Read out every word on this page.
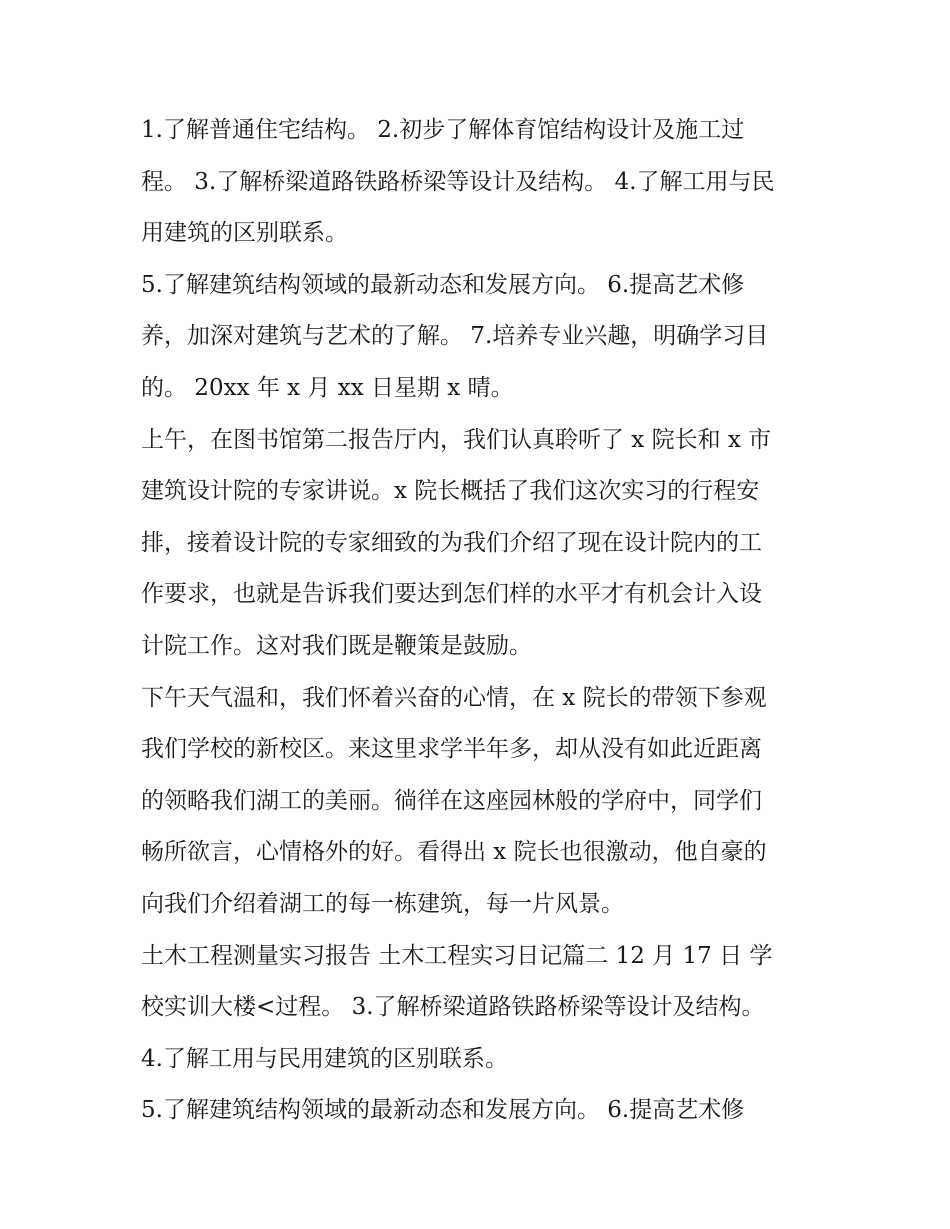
1.了解普通住宅结构。 2.初步了解体育馆结构设计及施工过
程。 3.了解桥梁道路铁路桥梁等设计及结构。 4.了解工用与民
用建筑的区别联系。
5.了解建筑结构领域的最新动态和发展方向。 6.提高艺术修
养，加深对建筑与艺术的了解。 7.培养专业兴趣，明确学习目
的。 20xx 年 x 月 xx 日星期 x 晴。
上午，在图书馆第二报告厅内，我们认真聆听了 x 院长和 x 市
建筑设计院的专家讲说。x 院长概括了我们这次实习的行程安
排，接着设计院的专家细致的为我们介绍了现在设计院内的工
作要求，也就是告诉我们要达到怎们样的水平才有机会计入设
计院工作。这对我们既是鞭策是鼓励。
下午天气温和，我们怀着兴奋的心情，在 x 院长的带领下参观
我们学校的新校区。来这里求学半年多，却从没有如此近距离
的领略我们湖工的美丽。徜徉在这座园林般的学府中，同学们
畅所欲言，心情格外的好。看得出 x 院长也很激动，他自豪的
向我们介绍着湖工的每一栋建筑，每一片风景。
土木工程测量实习报告 土木工程实习日记篇二 12 月 17 日 学
校实训大楼<过程。 3.了解桥梁道路铁路桥梁等设计及结构。
4.了解工用与民用建筑的区别联系。
5.了解建筑结构领域的最新动态和发展方向。 6.提高艺术修
